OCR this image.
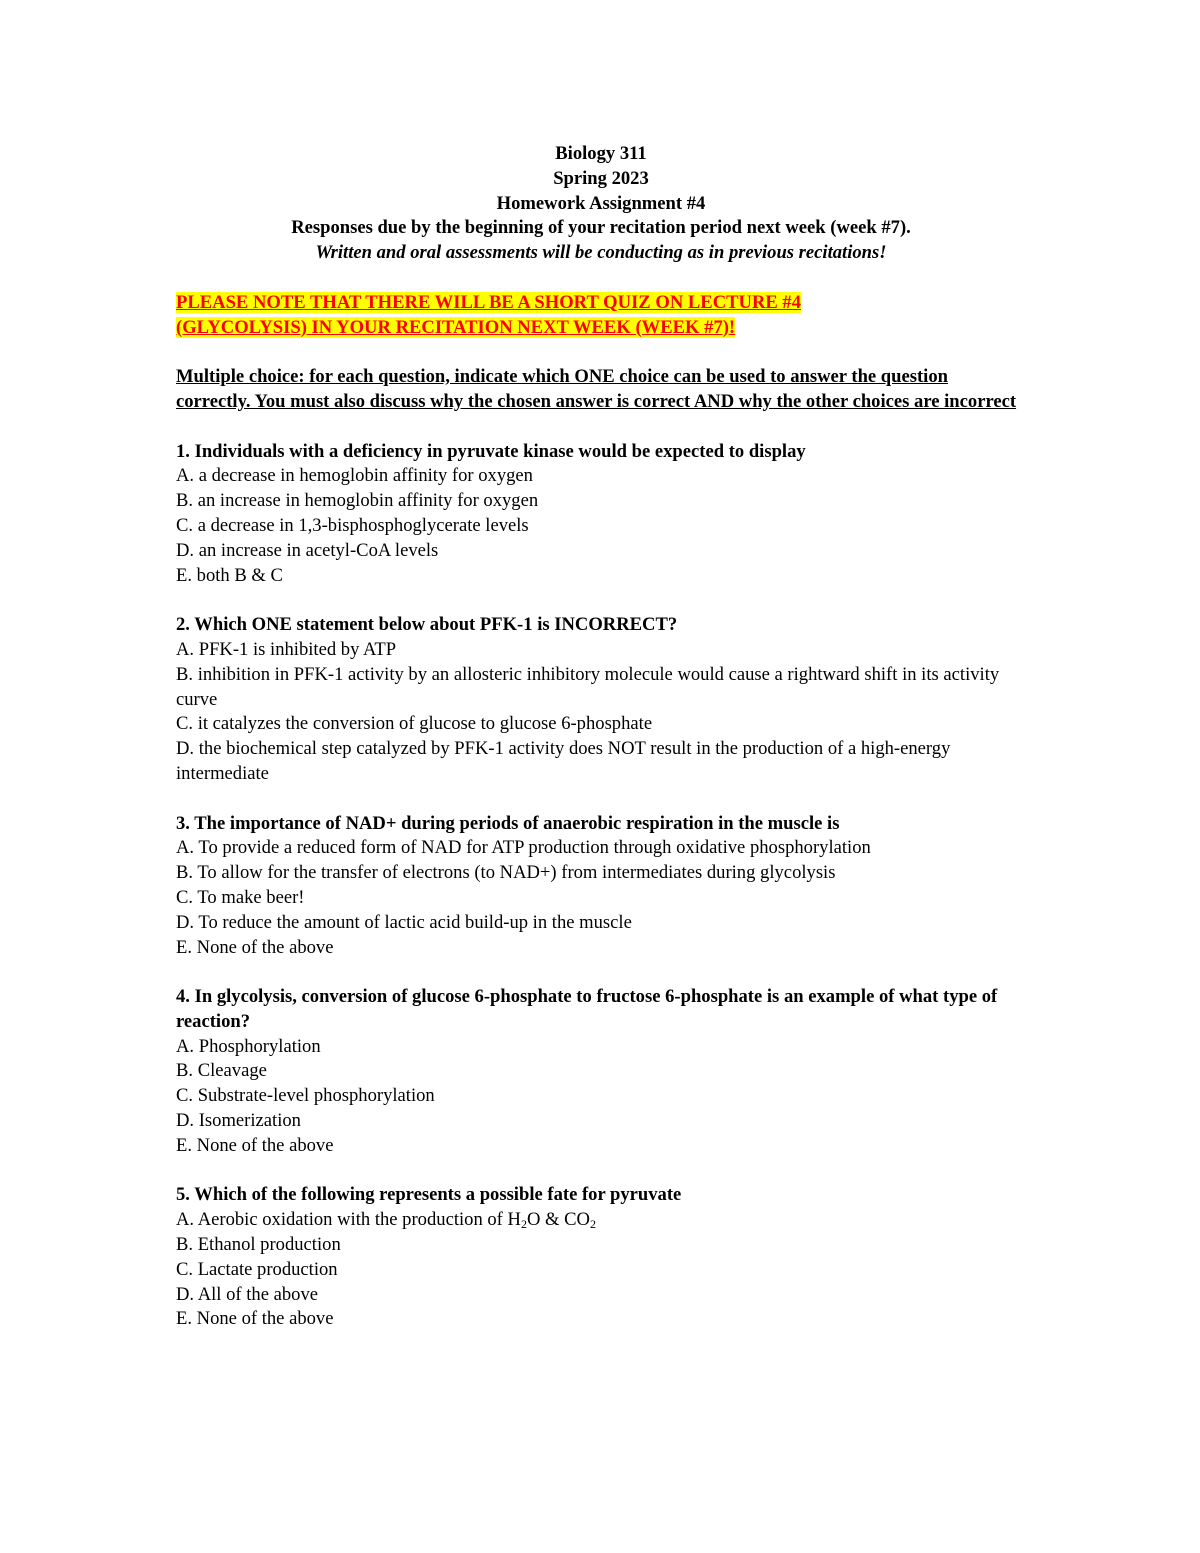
Biology 311
Spring 2023
Homework Assignment #4
Responses due by the beginning of your recitation period next week (week #7).
Written and oral assessments will be conducting as in previous recitations!
PLEASE NOTE THAT THERE WILL BE A SHORT QUIZ ON LECTURE #4
(GLYCOLYSIS) IN YOUR RECITATION NEXT WEEK (WEEK #7)!
Multiple choice: for each question, indicate which ONE choice can be used to answer the question correctly. You must also discuss why the chosen answer is correct AND why the other choices are incorrect
1. Individuals with a deficiency in pyruvate kinase would be expected to display
A. a decrease in hemoglobin affinity for oxygen
B. an increase in hemoglobin affinity for oxygen
C. a decrease in 1,3-bisphosphoglycerate levels
D. an increase in acetyl-CoA levels
E. both B & C
2. Which ONE statement below about PFK-1 is INCORRECT?
A. PFK-1 is inhibited by ATP
B. inhibition in PFK-1 activity by an allosteric inhibitory molecule would cause a rightward shift in its activity curve
C. it catalyzes the conversion of glucose to glucose 6-phosphate
D. the biochemical step catalyzed by PFK-1 activity does NOT result in the production of a high-energy intermediate
3. The importance of NAD+ during periods of anaerobic respiration in the muscle is
A. To provide a reduced form of NAD for ATP production through oxidative phosphorylation
B. To allow for the transfer of electrons (to NAD+) from intermediates during glycolysis
C. To make beer!
D. To reduce the amount of lactic acid build-up in the muscle
E. None of the above
4. In glycolysis, conversion of glucose 6-phosphate to fructose 6-phosphate is an example of what type of reaction?
A. Phosphorylation
B. Cleavage
C. Substrate-level phosphorylation
D. Isomerization
E. None of the above
5. Which of the following represents a possible fate for pyruvate
A. Aerobic oxidation with the production of $H_2O$ & $CO_2$
B. Ethanol production
C. Lactate production
D. All of the above
E. None of the above
